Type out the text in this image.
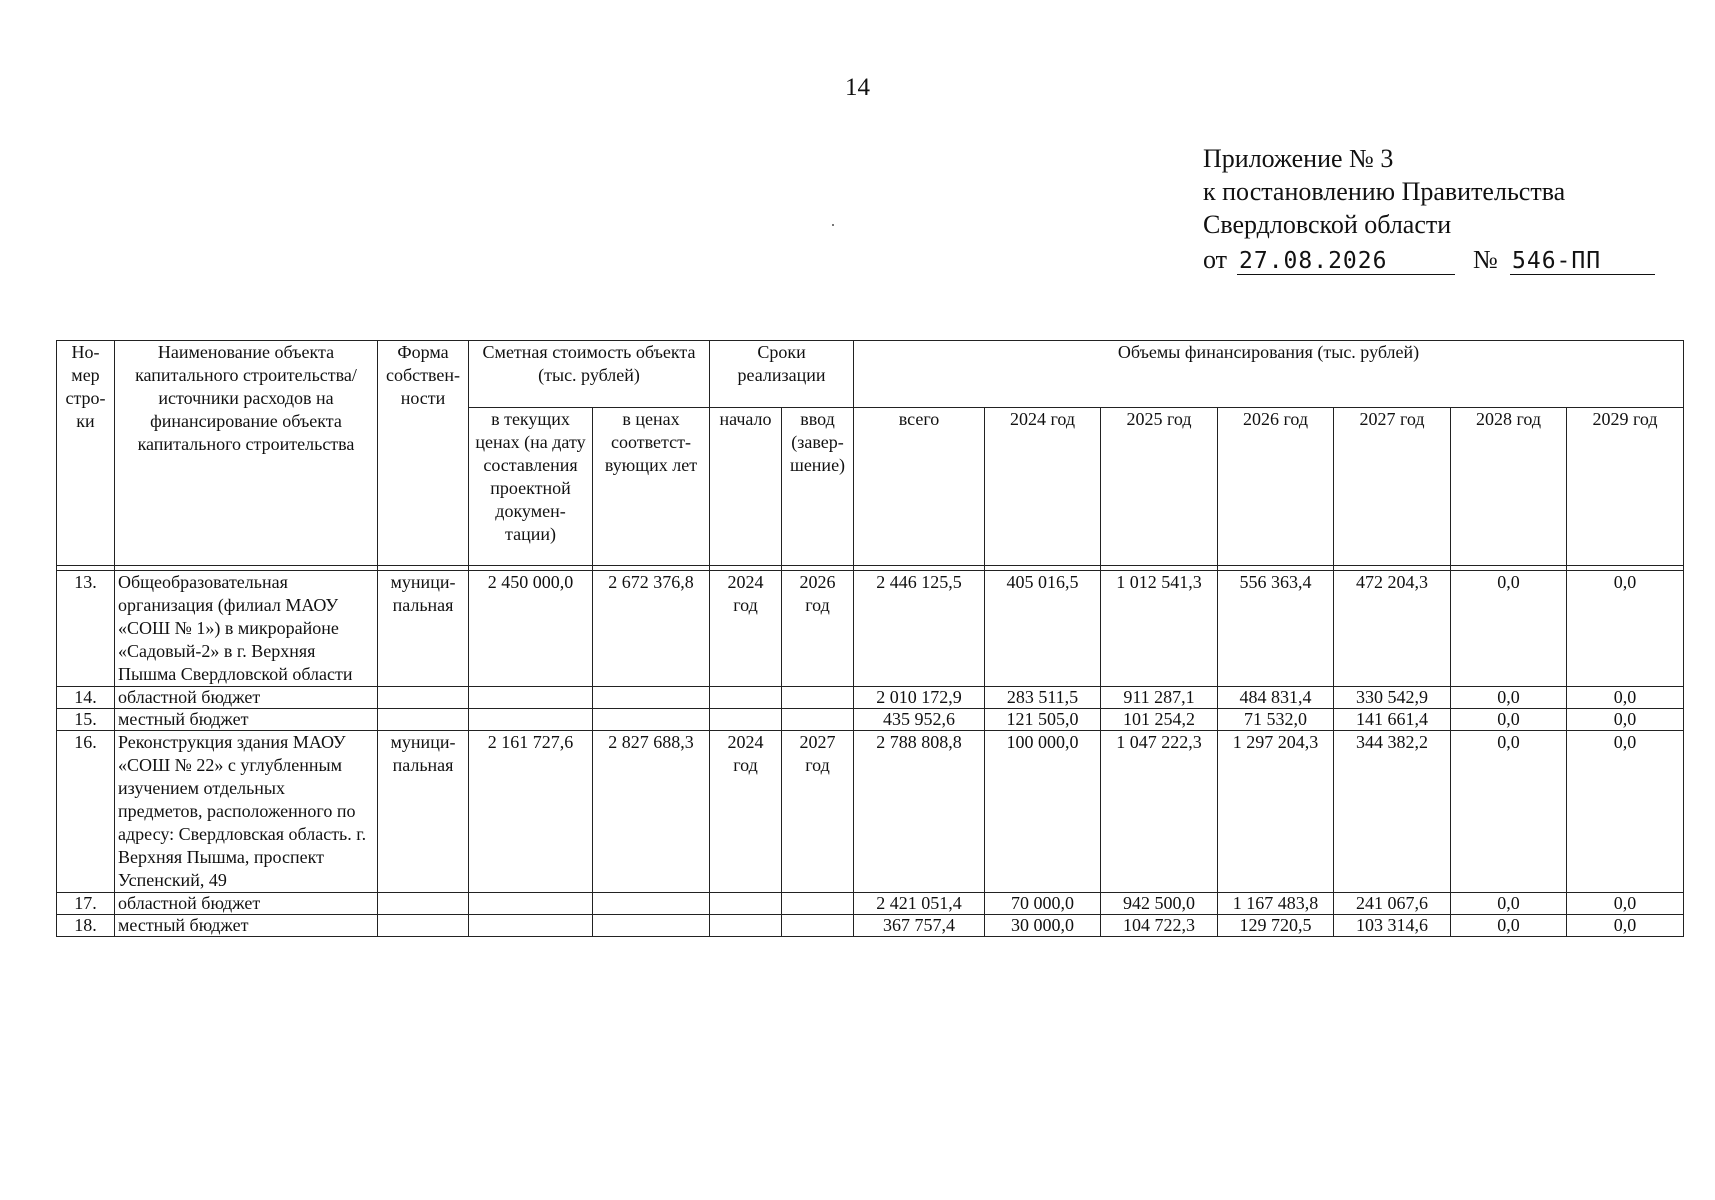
14
Приложение № 3
к постановлению Правительства
Свердловской области
от 27.08.2026	№ 546-ПП
Но-мер стро-ки	Наименование объекта капитального строительства/ источники расходов на финансирование объекта капитального строительства	Форма собствен-ности	Сметная стоимость объекта (тыс. рублей)		Сроки реализации		Объемы финансирования (тыс. рублей)						
			в текущих ценах (на дату составления проектной докумен-тации)	в ценах соответст-вующих лет	начало	ввод (завер-шение)	всего	2024 год	2025 год	2026 год	2027 год	2028 год	2029 год

13.	Общеобразовательная организация (филиал МАОУ «СОШ № 1») в микрорайоне «Садовый-2» в г. Верхняя Пышма Свердловской области	муници-пальная	2 450 000,0	2 672 376,8	2024 год	2026 год	2 446 125,5	405 016,5	1 012 541,3	556 363,4	472 204,3	0,0	0,0
14.	областной бюджет						2 010 172,9	283 511,5	911 287,1	484 831,4	330 542,9	0,0	0,0
15.	местный бюджет						435 952,6	121 505,0	101 254,2	71 532,0	141 661,4	0,0	0,0
16.	Реконструкция здания МАОУ «СОШ № 22» с углубленным изучением отдельных предметов, расположенного по адресу: Свердловская область. г. Верхняя Пышма, проспект Успенский, 49	муници-пальная	2 161 727,6	2 827 688,3	2024 год	2027 год	2 788 808,8	100 000,0	1 047 222,3	1 297 204,3	344 382,2	0,0	0,0
17.	областной бюджет						2 421 051,4	70 000,0	942 500,0	1 167 483,8	241 067,6	0,0	0,0
18.	местный бюджет						367 757,4	30 000,0	104 722,3	129 720,5	103 314,6	0,0	0,0
